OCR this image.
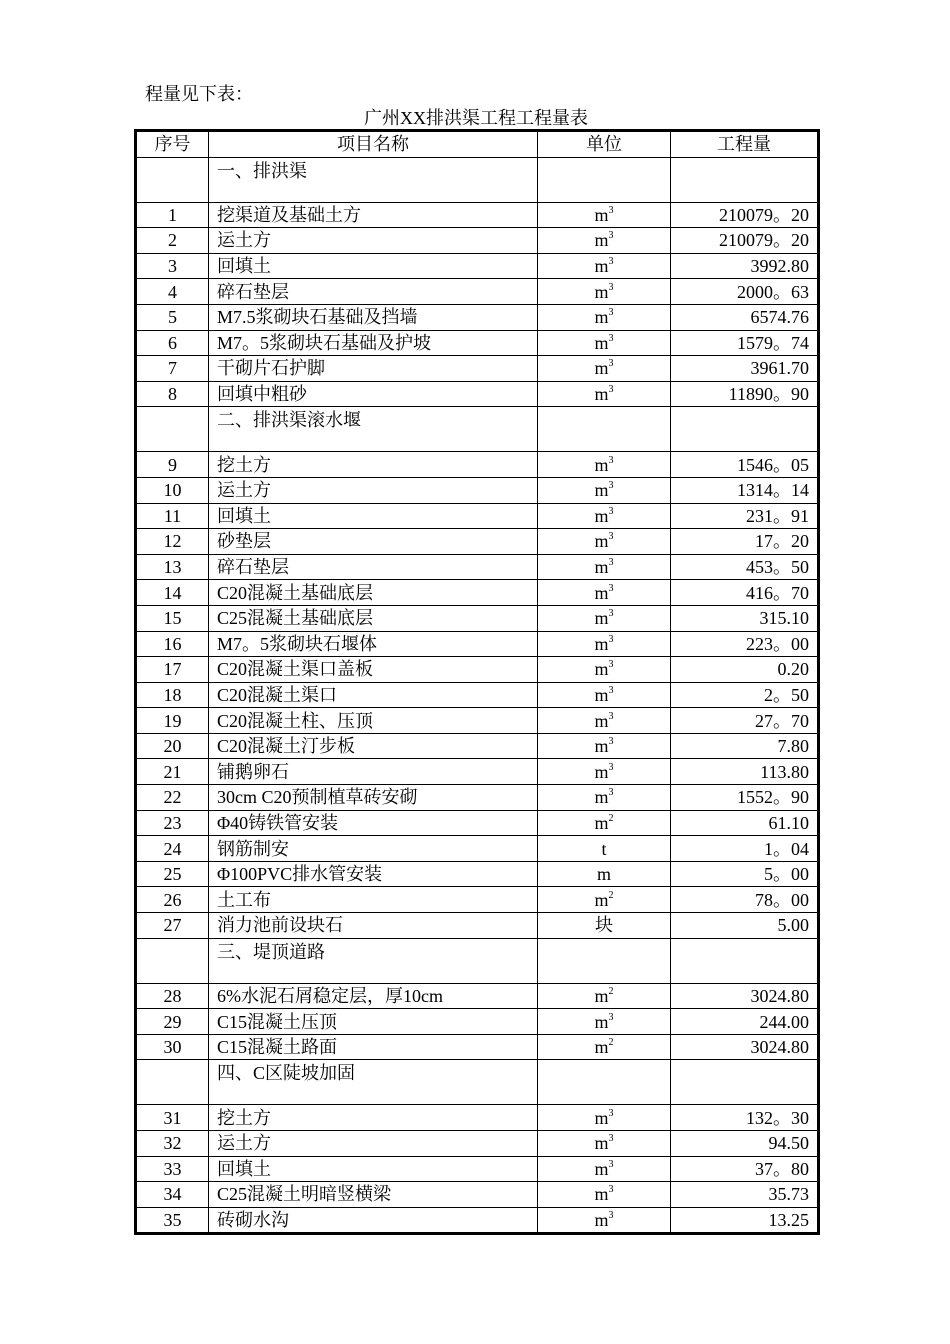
程量见下表：
广州XX排洪渠工程工程量表
序号	项目名称	单位	工程量
	一、排洪渠		
1	挖渠道及基础土方	$m^3$	210079。20
2	运土方	$m^3$	210079。20
3	回填土	$m^3$	3992.80
4	碎石垫层	$m^3$	2000。63
5	M7.5浆砌块石基础及挡墙	$m^3$	6574.76
6	M7。5浆砌块石基础及护坡	$m^3$	1579。74
7	干砌片石护脚	$m^3$	3961.70
8	回填中粗砂	$m^3$	11890。90
	二、排洪渠滚水堰		
9	挖土方	$m^3$	1546。05
10	运土方	$m^3$	1314。14
11	回填土	$m^3$	231。91
12	砂垫层	$m^3$	17。20
13	碎石垫层	$m^3$	453。50
14	C20混凝土基础底层	$m^3$	416。70
15	C25混凝土基础底层	$m^3$	315.10
16	M7。5浆砌块石堰体	$m^3$	223。00
17	C20混凝土渠口盖板	$m^3$	0.20
18	C20混凝土渠口	$m^3$	2。50
19	C20混凝土柱、压顶	$m^3$	27。70
20	C20混凝土汀步板	$m^3$	7.80
21	铺鹅卵石	$m^3$	113.80
22	30cm C20预制植草砖安砌	$m^3$	1552。90
23	Φ40铸铁管安装	$m^2$	61.10
24	钢筋制安	t	1。04
25	Φ100PVC排水管安装	m	5。00
26	土工布	$m^2$	78。00
27	消力池前设块石	块	5.00
	三、堤顶道路		
28	6%水泥石屑稳定层，厚10cm	$m^2$	3024.80
29	C15混凝土压顶	$m^3$	244.00
30	C15混凝土路面	$m^2$	3024.80
	四、C区陡坡加固		
31	挖土方	$m^3$	132。30
32	运土方	$m^3$	94.50
33	回填土	$m^3$	37。80
34	C25混凝土明暗竖横梁	$m^3$	35.73
35	砖砌水沟	$m^3$	13.25
